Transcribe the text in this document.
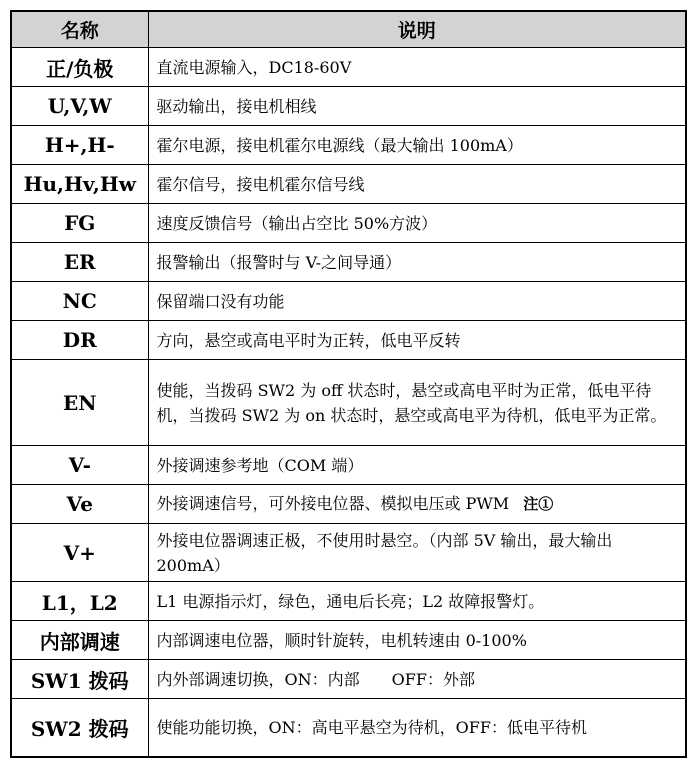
名称	说明
正/负极	直流电源输入，DC18-60V
U,V,W	驱动输出，接电机相线
H+,H-	霍尔电源，接电机霍尔电源线（最大输出 100mA）
Hu,Hv,Hw	霍尔信号，接电机霍尔信号线
FG	速度反馈信号（输出占空比 50%方波）
ER	报警输出（报警时与 V-之间导通）
NC	保留端口没有功能
DR	方向，悬空或高电平时为正转，低电平反转
EN	使能，当拨码 SW2 为 off 状态时，悬空或高电平时为正常，低电平待机，当拨码 SW2 为 on 状态时，悬空或高电平为待机，低电平为正常。
V-	外接调速参考地（COM 端）
Ve	外接调速信号，可外接电位器、模拟电压或 PWM 注①
V+	外接电位器调速正极，不使用时悬空。（内部 5V 输出，最大输出 200mA）
L1，L2	L1 电源指示灯，绿色，通电后长亮；L2 故障报警灯。
内部调速	内部调速电位器，顺时针旋转，电机转速由 0-100%
SW1 拨码	内外部调速切换，ON：内部　　OFF：外部
SW2 拨码	使能功能切换，ON：高电平悬空为待机，OFF：低电平待机
